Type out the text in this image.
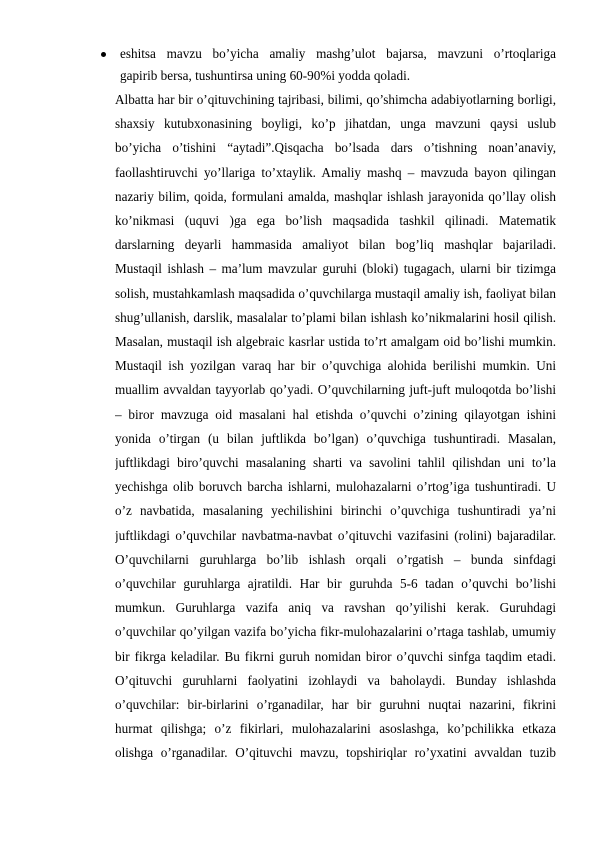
eshitsa mavzu bo’yicha amaliy mashg’ulot bajarsa, mavzuni o’rtoqlariga
gapirib bersa, tushuntirsa uning 60-90%i yodda qoladi.
Albatta har bir o’qituvchining tajribasi, bilimi, qo’shimcha adabiyotlarning borligi,
shaxsiy kutubxonasining boyligi, ko’p jihatdan, unga mavzuni qaysi uslub
bo’yicha o’tishini “aytadi”.Qisqacha bo’lsada dars o’tishning noan’anaviy,
faollashtiruvchi yo’llariga to’xtaylik. Amaliy mashq – mavzuda bayon qilingan
nazariy bilim, qoida, formulani amalda, mashqlar ishlash jarayonida qo’llay olish
ko’nikmasi (uquvi )ga ega bo’lish maqsadida tashkil qilinadi. Matematik
darslarning deyarli hammasida amaliyot bilan bog’liq mashqlar bajariladi.
Mustaqil ishlash – ma’lum mavzular guruhi (bloki) tugagach, ularni bir tizimga
solish, mustahkamlash maqsadida o’quvchilarga mustaqil amaliy ish, faoliyat bilan
shug’ullanish, darslik, masalalar to’plami bilan ishlash ko’nikmalarini hosil qilish.
Masalan, mustaqil ish algebraic kasrlar ustida to’rt amalgam oid bo’lishi mumkin.
Mustaqil ish yozilgan varaq har bir o’quvchiga alohida berilishi mumkin. Uni
muallim avvaldan tayyorlab qo’yadi. O’quvchilarning juft-juft muloqotda bo’lishi
– biror mavzuga oid masalani hal etishda o’quvchi o’zining qilayotgan ishini
yonida o’tirgan (u bilan juftlikda bo’lgan) o’quvchiga tushuntiradi. Masalan,
juftlikdagi biro’quvchi masalaning sharti va savolini tahlil qilishdan uni to’la
yechishga olib boruvch barcha ishlarni, mulohazalarni o’rtog’iga tushuntiradi. U
o’z navbatida, masalaning yechilishini birinchi o’quvchiga tushuntiradi ya’ni
juftlikdagi o’quvchilar navbatma-navbat o’qituvchi vazifasini (rolini) bajaradilar.
O’quvchilarni guruhlarga bo’lib ishlash orqali o’rgatish – bunda sinfdagi
o’quvchilar guruhlarga ajratildi. Har bir guruhda 5-6 tadan o’quvchi bo’lishi
mumkun. Guruhlarga vazifa aniq va ravshan qo’yilishi kerak. Guruhdagi
o’quvchilar qo’yilgan vazifa bo’yicha fikr-mulohazalarini o’rtaga tashlab, umumiy
bir fikrga keladilar. Bu fikrni guruh nomidan biror o’quvchi sinfga taqdim etadi.
O’qituvchi guruhlarni faolyatini izohlaydi va baholaydi. Bunday ishlashda
o’quvchilar: bir-birlarini o’rganadilar, har bir guruhni nuqtai nazarini, fikrini
hurmat qilishga; o’z fikirlari, mulohazalarini asoslashga, ko’pchilikka etkaza
olishga o’rganadilar. O’qituvchi mavzu, topshiriqlar ro’yxatini avvaldan tuzib
